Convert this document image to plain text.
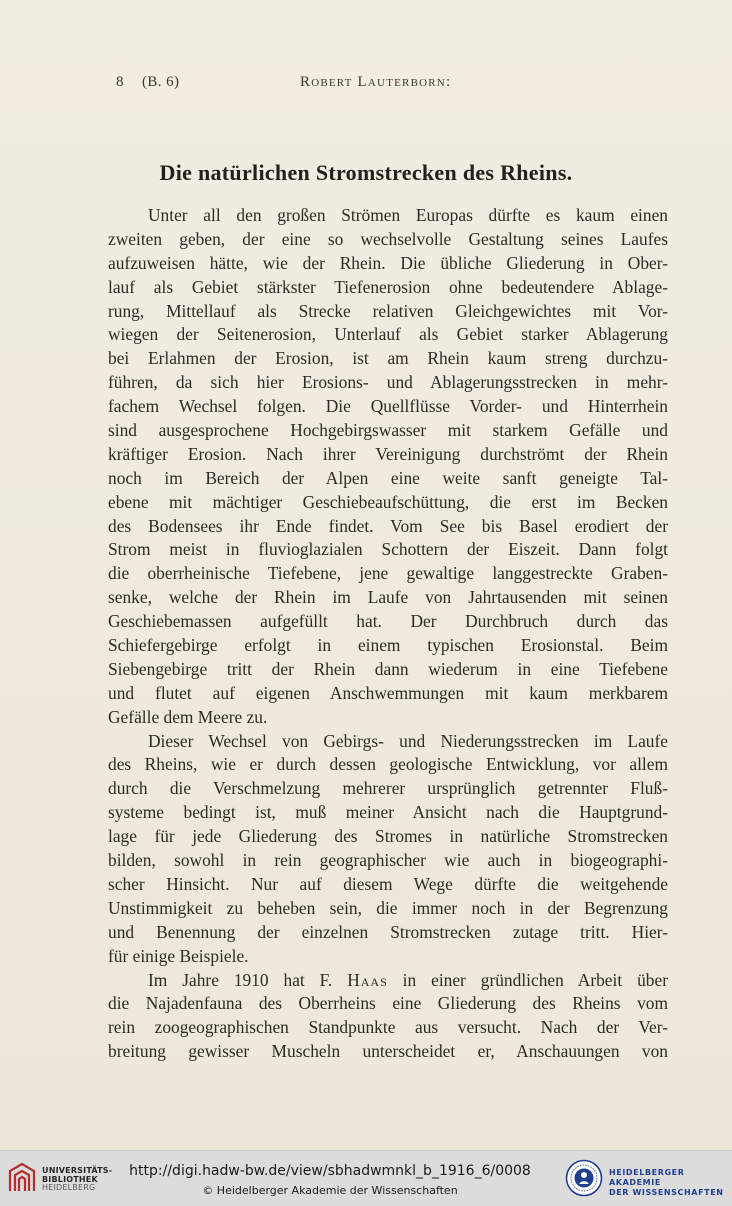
8 (B. 6)	Robert Lauterborn:
Die natürlichen Stromstrecken des Rheins.
Unter all den großen Strömen Europas dürfte es kaum einen
zweiten geben, der eine so wechselvolle Gestaltung seines Laufes
aufzuweisen hätte, wie der Rhein. Die übliche Gliederung in Ober-
lauf als Gebiet stärkster Tiefenerosion ohne bedeutendere Ablage-
rung, Mittellauf als Strecke relativen Gleichgewichtes mit Vor-
wiegen der Seitenerosion, Unterlauf als Gebiet starker Ablagerung
bei Erlahmen der Erosion, ist am Rhein kaum streng durchzu-
führen, da sich hier Erosions- und Ablagerungsstrecken in mehr-
fachem Wechsel folgen. Die Quellflüsse Vorder- und Hinterrhein
sind ausgesprochene Hochgebirgswasser mit starkem Gefälle und
kräftiger Erosion. Nach ihrer Vereinigung durchströmt der Rhein
noch im Bereich der Alpen eine weite sanft geneigte Tal-
ebene mit mächtiger Geschiebeaufschüttung, die erst im Becken
des Bodensees ihr Ende findet. Vom See bis Basel erodiert der
Strom meist in fluvioglazialen Schottern der Eiszeit. Dann folgt
die oberrheinische Tiefebene, jene gewaltige langgestreckte Graben-
senke, welche der Rhein im Laufe von Jahrtausenden mit seinen
Geschiebemassen aufgefüllt hat. Der Durchbruch durch das
Schiefergebirge erfolgt in einem typischen Erosionstal. Beim
Siebengebirge tritt der Rhein dann wiederum in eine Tiefebene
und flutet auf eigenen Anschwemmungen mit kaum merkbarem
Gefälle dem Meere zu.
Dieser Wechsel von Gebirgs- und Niederungsstrecken im Laufe
des Rheins, wie er durch dessen geologische Entwicklung, vor allem
durch die Verschmelzung mehrerer ursprünglich getrennter Fluß-
systeme bedingt ist, muß meiner Ansicht nach die Hauptgrund-
lage für jede Gliederung des Stromes in natürliche Stromstrecken
bilden, sowohl in rein geographischer wie auch in biogeographi-
scher Hinsicht. Nur auf diesem Wege dürfte die weitgehende
Unstimmigkeit zu beheben sein, die immer noch in der Begrenzung
und Benennung der einzelnen Stromstrecken zutage tritt. Hier-
für einige Beispiele.
Im Jahre 1910 hat F. Haas in einer gründlichen Arbeit über
die Najadenfauna des Oberrheins eine Gliederung des Rheins vom
rein zoogeographischen Standpunkte aus versucht. Nach der Ver-
breitung gewisser Muscheln unterscheidet er, Anschauungen von
UNIVERSITÄTS-
BIBLIOTHEK
HEIDELBERG
http://digi.hadw-bw.de/view/sbhadwmnkl_b_1916_6/0008
© Heidelberger Akademie der Wissenschaften
HEIDELBERGER AKADEMIE
DER WISSENSCHAFTEN
